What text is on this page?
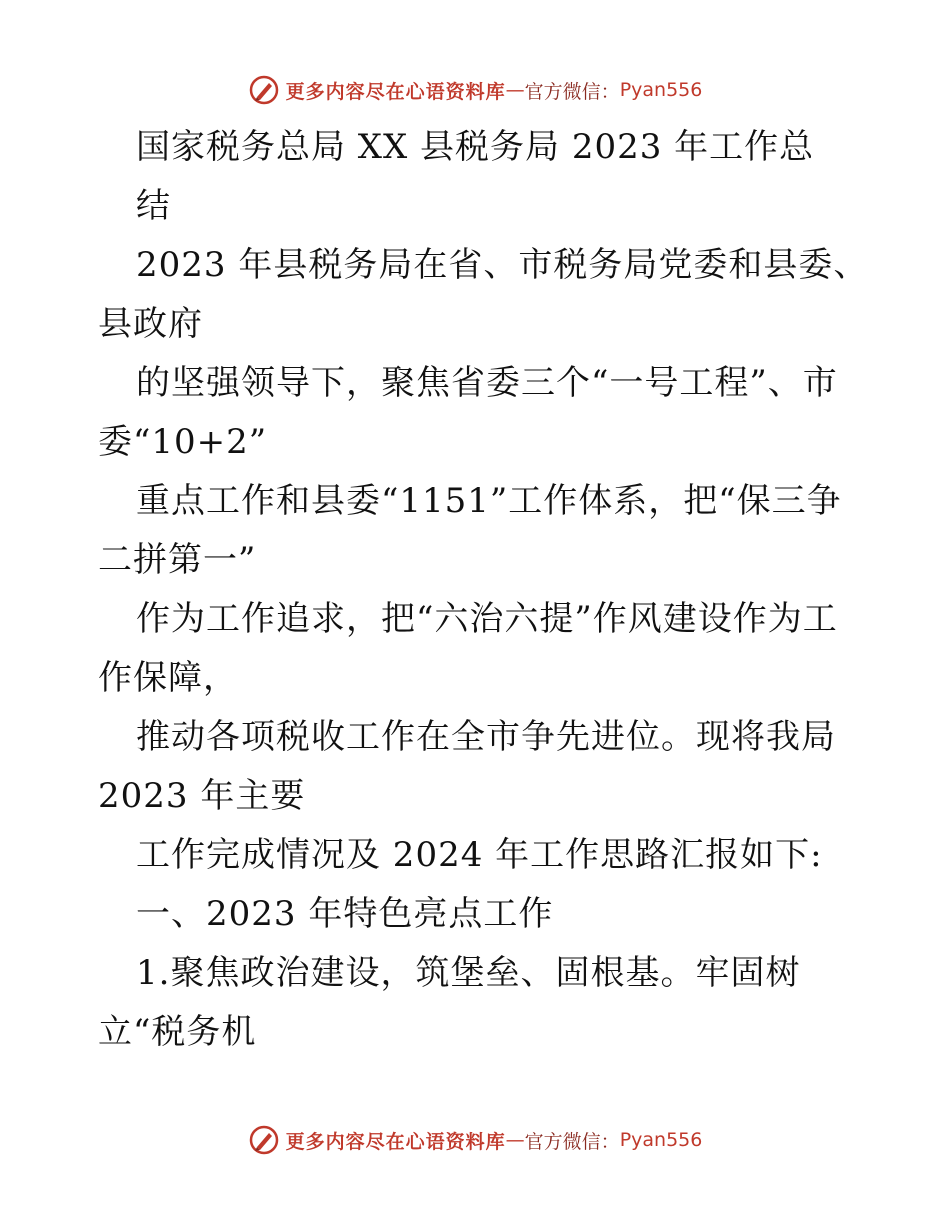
更多内容尽在心语资料库 — 官方微信： Pyan556
国家税务总局 XX 县税务局 2023 年工作总
结
2023 年县税务局在省、市税务局党委和县委、
县政府
的坚强领导下，聚焦省委三个“一号工程”、市
委“10+2”
重点工作和县委“1151”工作体系，把“保三争
二拼第一”
作为工作追求，把“六治六提”作风建设作为工
作保障，
推动各项税收工作在全市争先进位。现将我局
2023 年主要
工作完成情况及 2024 年工作思路汇报如下:
一、2023 年特色亮点工作
1.聚焦政治建设，筑堡垒、固根基。牢固树
立“税务机
更多内容尽在心语资料库 — 官方微信： Pyan556
